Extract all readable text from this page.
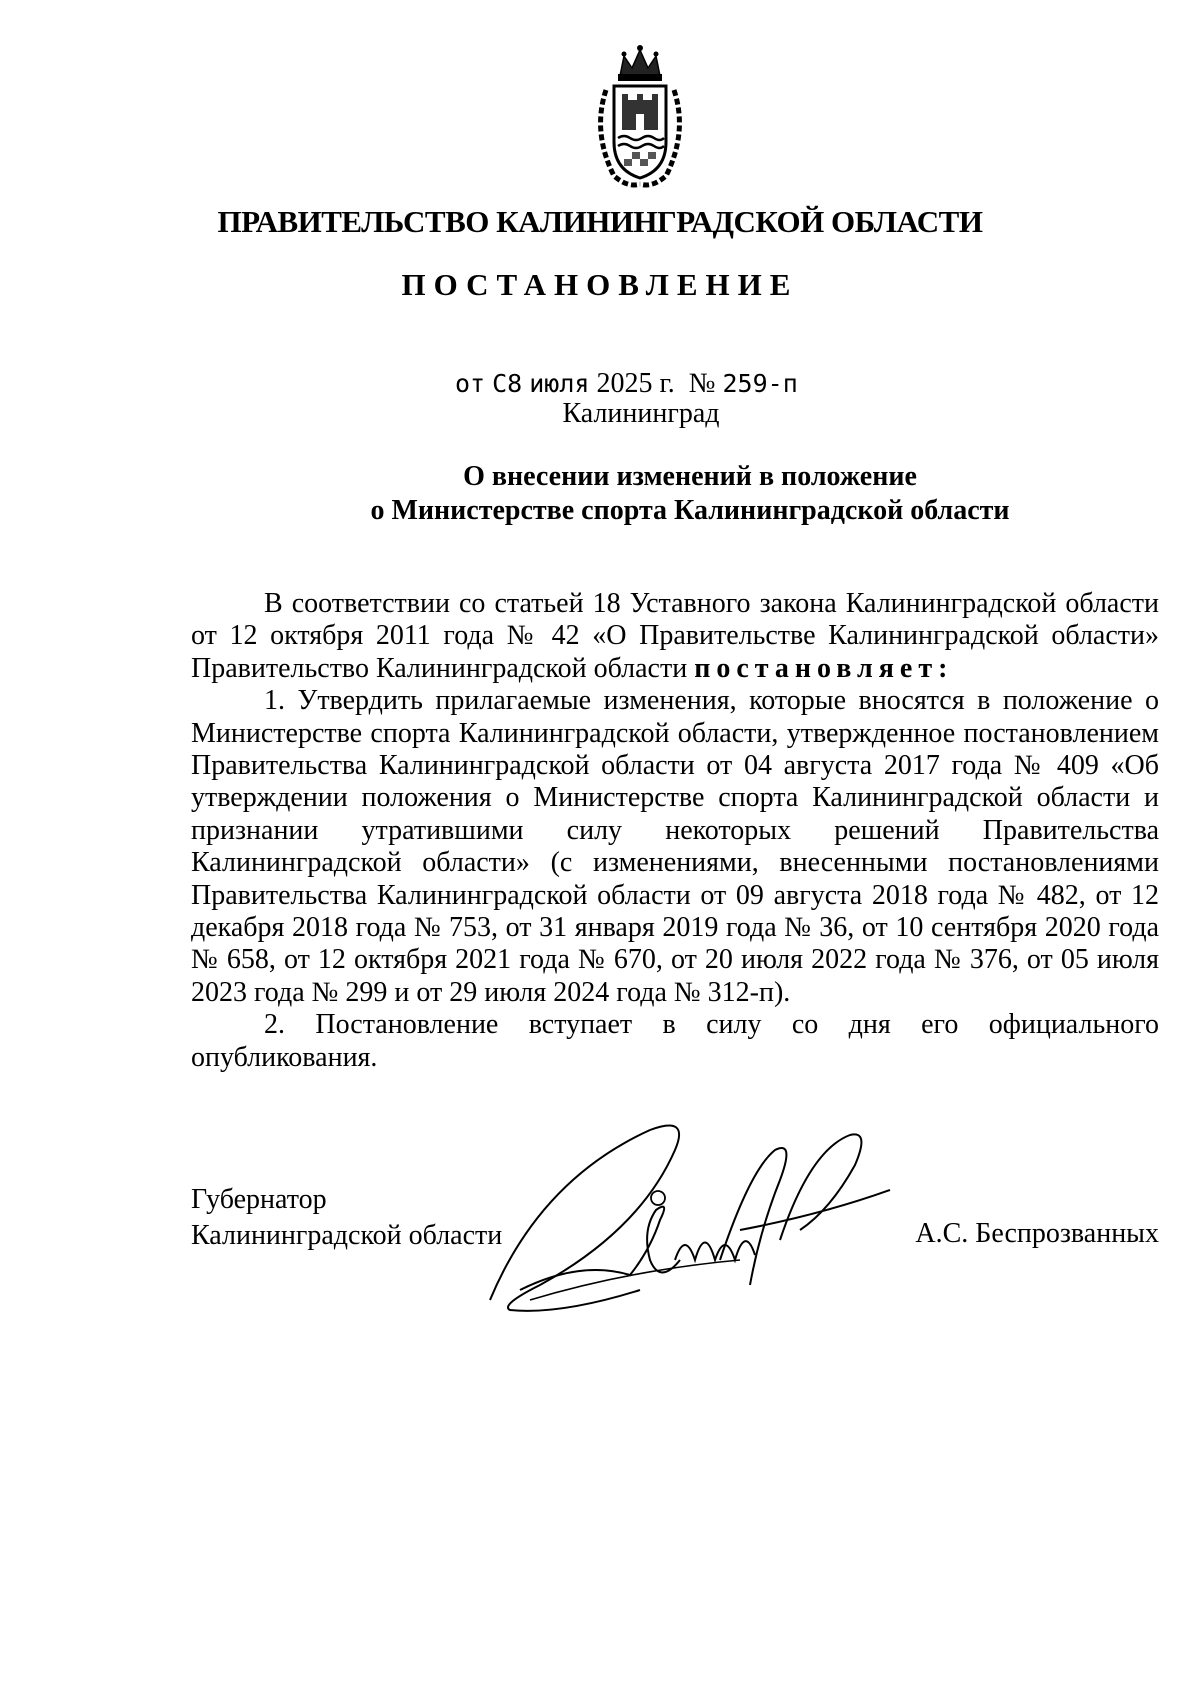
ПРАВИТЕЛЬСТВО КАЛИНИНГРАДСКОЙ ОБЛАСТИ
ПОСТАНОВЛЕНИЕ
от С8 июля 2025 г. № 259-п
Калининград
О внесении изменений в положение
о Министерстве спорта Калининградской области

В соответствии со статьей 18 Уставного закона Калининградской области от 12 октября 2011 года № 42 «О Правительстве Калининградской области» Правительство Калининградской области постановляет:

1. Утвердить прилагаемые изменения, которые вносятся в положение о Министерстве спорта Калининградской области, утвержденное постановлением Правительства Калининградской области от 04 августа 2017 года № 409 «Об утверждении положения о Министерстве спорта Калининградской области и признании утратившими силу некоторых решений Правительства Калининградской области» (с изменениями, внесенными постановлениями Правительства Калининградской области от 09 августа 2018 года № 482, от 12 декабря 2018 года № 753, от 31 января 2019 года № 36, от 10 сентября 2020 года № 658, от 12 октября 2021 года № 670, от 20 июля 2022 года № 376, от 05 июля 2023 года № 299 и от 29 июля 2024 года № 312-п).

2. Постановление вступает в силу со дня его официального опубликования.

Губернатор
Калининградской области	А.С. Беспрозванных
